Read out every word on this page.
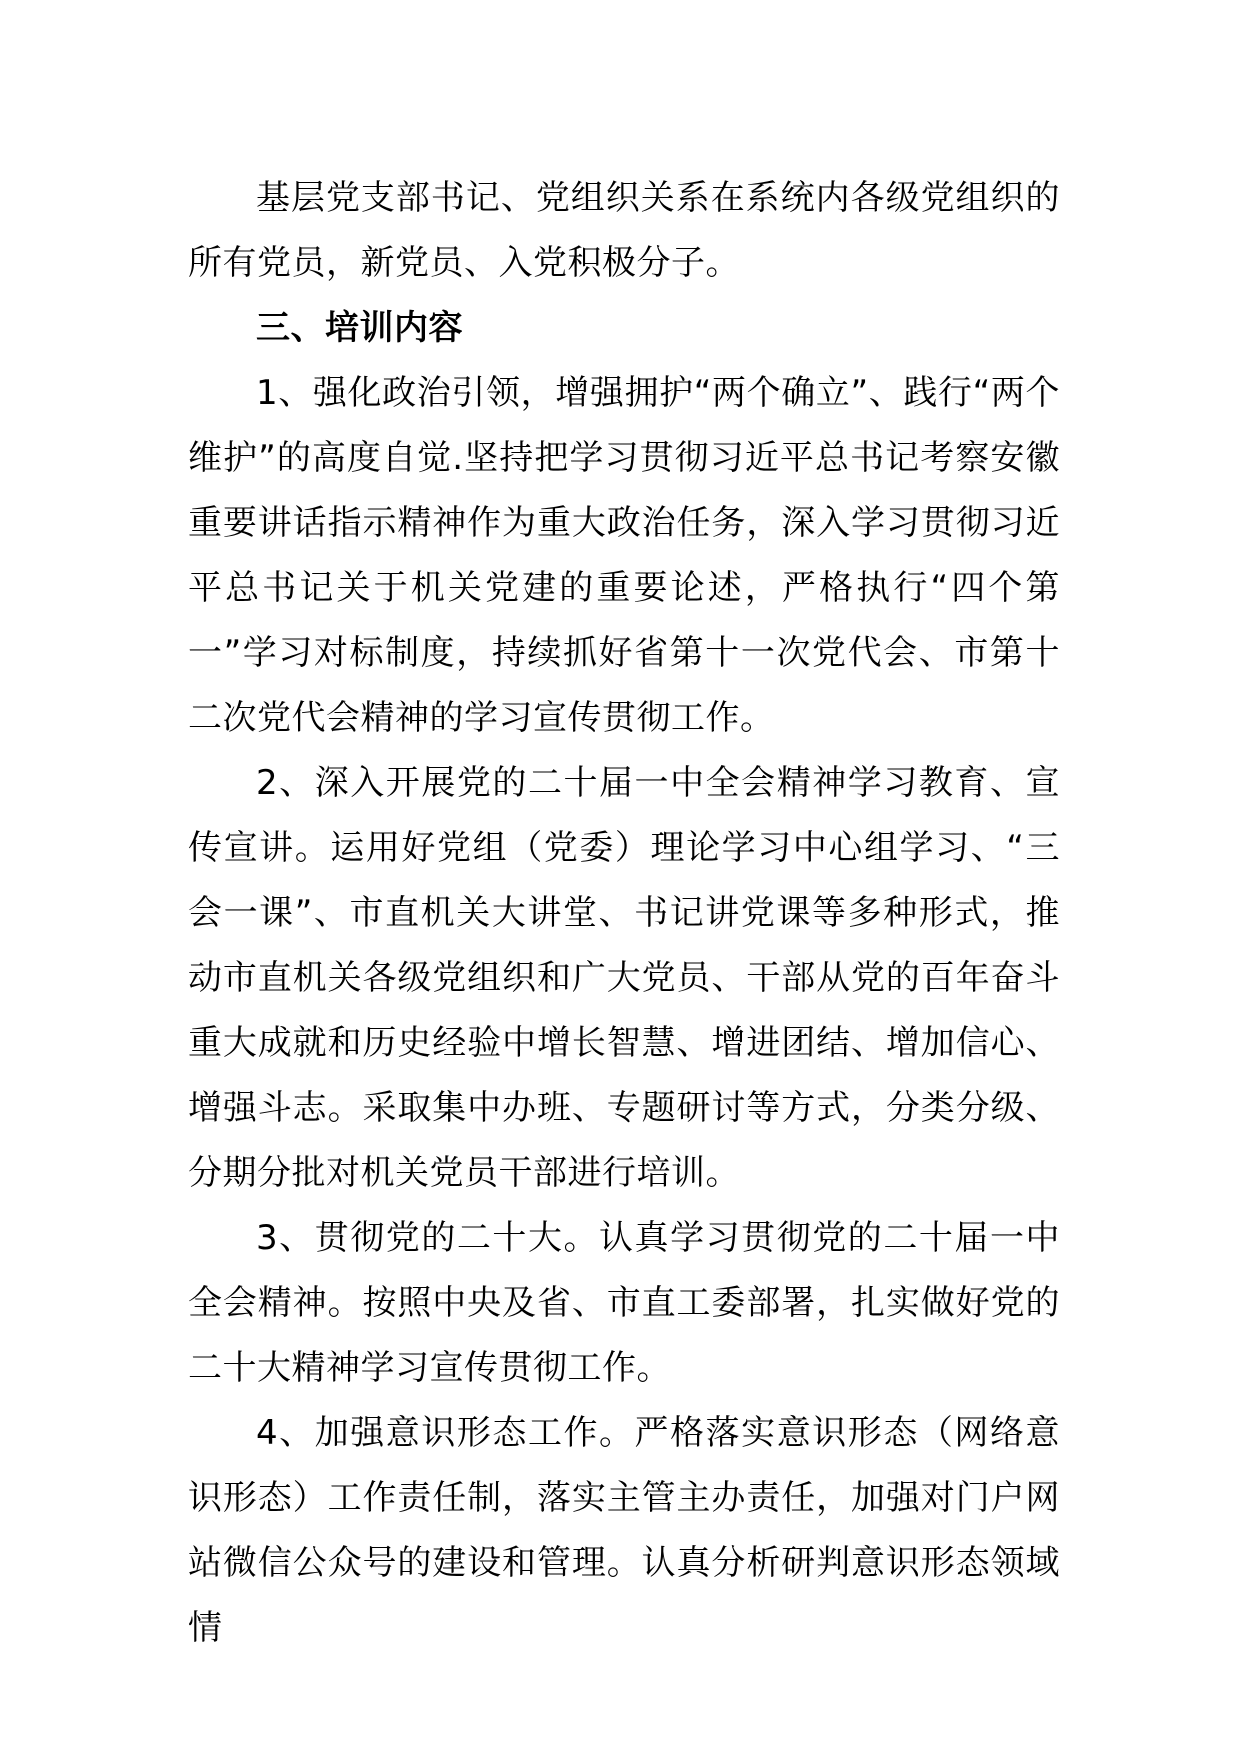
基层党支部书记、党组织关系在系统内各级党组织的所有党员，新党员、入党积极分子。

三、培训内容

1、强化政治引领，增强拥护“两个确立”、践行“两个维护”的高度自觉.坚持把学习贯彻习近平总书记考察安徽重要讲话指示精神作为重大政治任务，深入学习贯彻习近平总书记关于机关党建的重要论述，严格执行“四个第一”学习对标制度，持续抓好省第十一次党代会、市第十二次党代会精神的学习宣传贯彻工作。

2、深入开展党的二十届一中全会精神学习教育、宣传宣讲。运用好党组（党委）理论学习中心组学习、“三会一课”、市直机关大讲堂、书记讲党课等多种形式，推动市直机关各级党组织和广大党员、干部从党的百年奋斗重大成就和历史经验中增长智慧、增进团结、增加信心、增强斗志。采取集中办班、专题研讨等方式，分类分级、分期分批对机关党员干部进行培训。

3、贯彻党的二十大。认真学习贯彻党的二十届一中全会精神。按照中央及省、市直工委部署，扎实做好党的二十大精神学习宣传贯彻工作。

4、加强意识形态工作。严格落实意识形态（网络意识形态）工作责任制，落实主管主办责任，加强对门户网站微信公众号的建设和管理。认真分析研判意识形态领域情
